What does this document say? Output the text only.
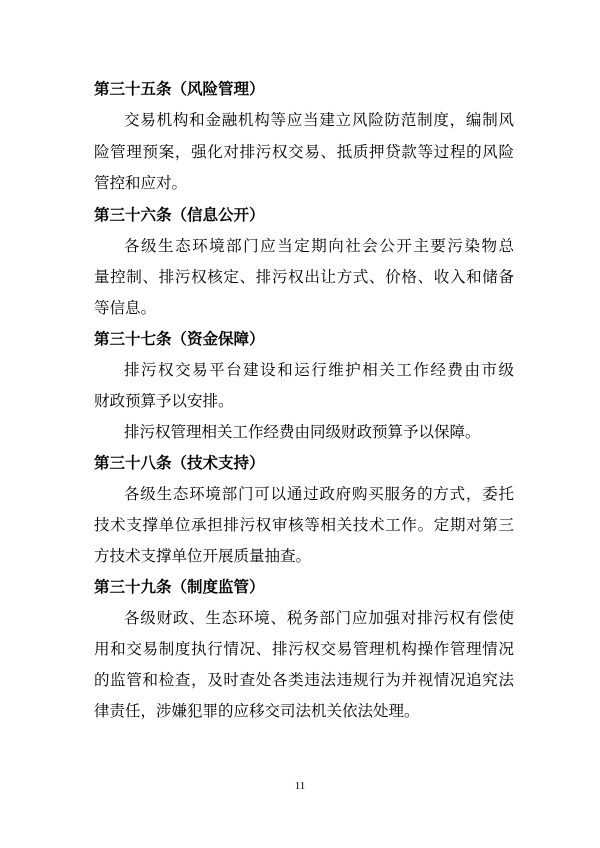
第三十五条（风险管理）
交易机构和金融机构等应当建立风险防范制度，编制风
险管理预案，强化对排污权交易、抵质押贷款等过程的风险
管控和应对。
第三十六条（信息公开）
各级生态环境部门应当定期向社会公开主要污染物总
量控制、排污权核定、排污权出让方式、价格、收入和储备
等信息。
第三十七条（资金保障）
排污权交易平台建设和运行维护相关工作经费由市级
财政预算予以安排。
排污权管理相关工作经费由同级财政预算予以保障。
第三十八条（技术支持）
各级生态环境部门可以通过政府购买服务的方式，委托
技术支撑单位承担排污权审核等相关技术工作。定期对第三
方技术支撑单位开展质量抽查。
第三十九条（制度监管）
各级财政、生态环境、税务部门应加强对排污权有偿使
用和交易制度执行情况、排污权交易管理机构操作管理情况
的监管和检查，及时查处各类违法违规行为并视情况追究法
律责任，涉嫌犯罪的应移交司法机关依法处理。
11
